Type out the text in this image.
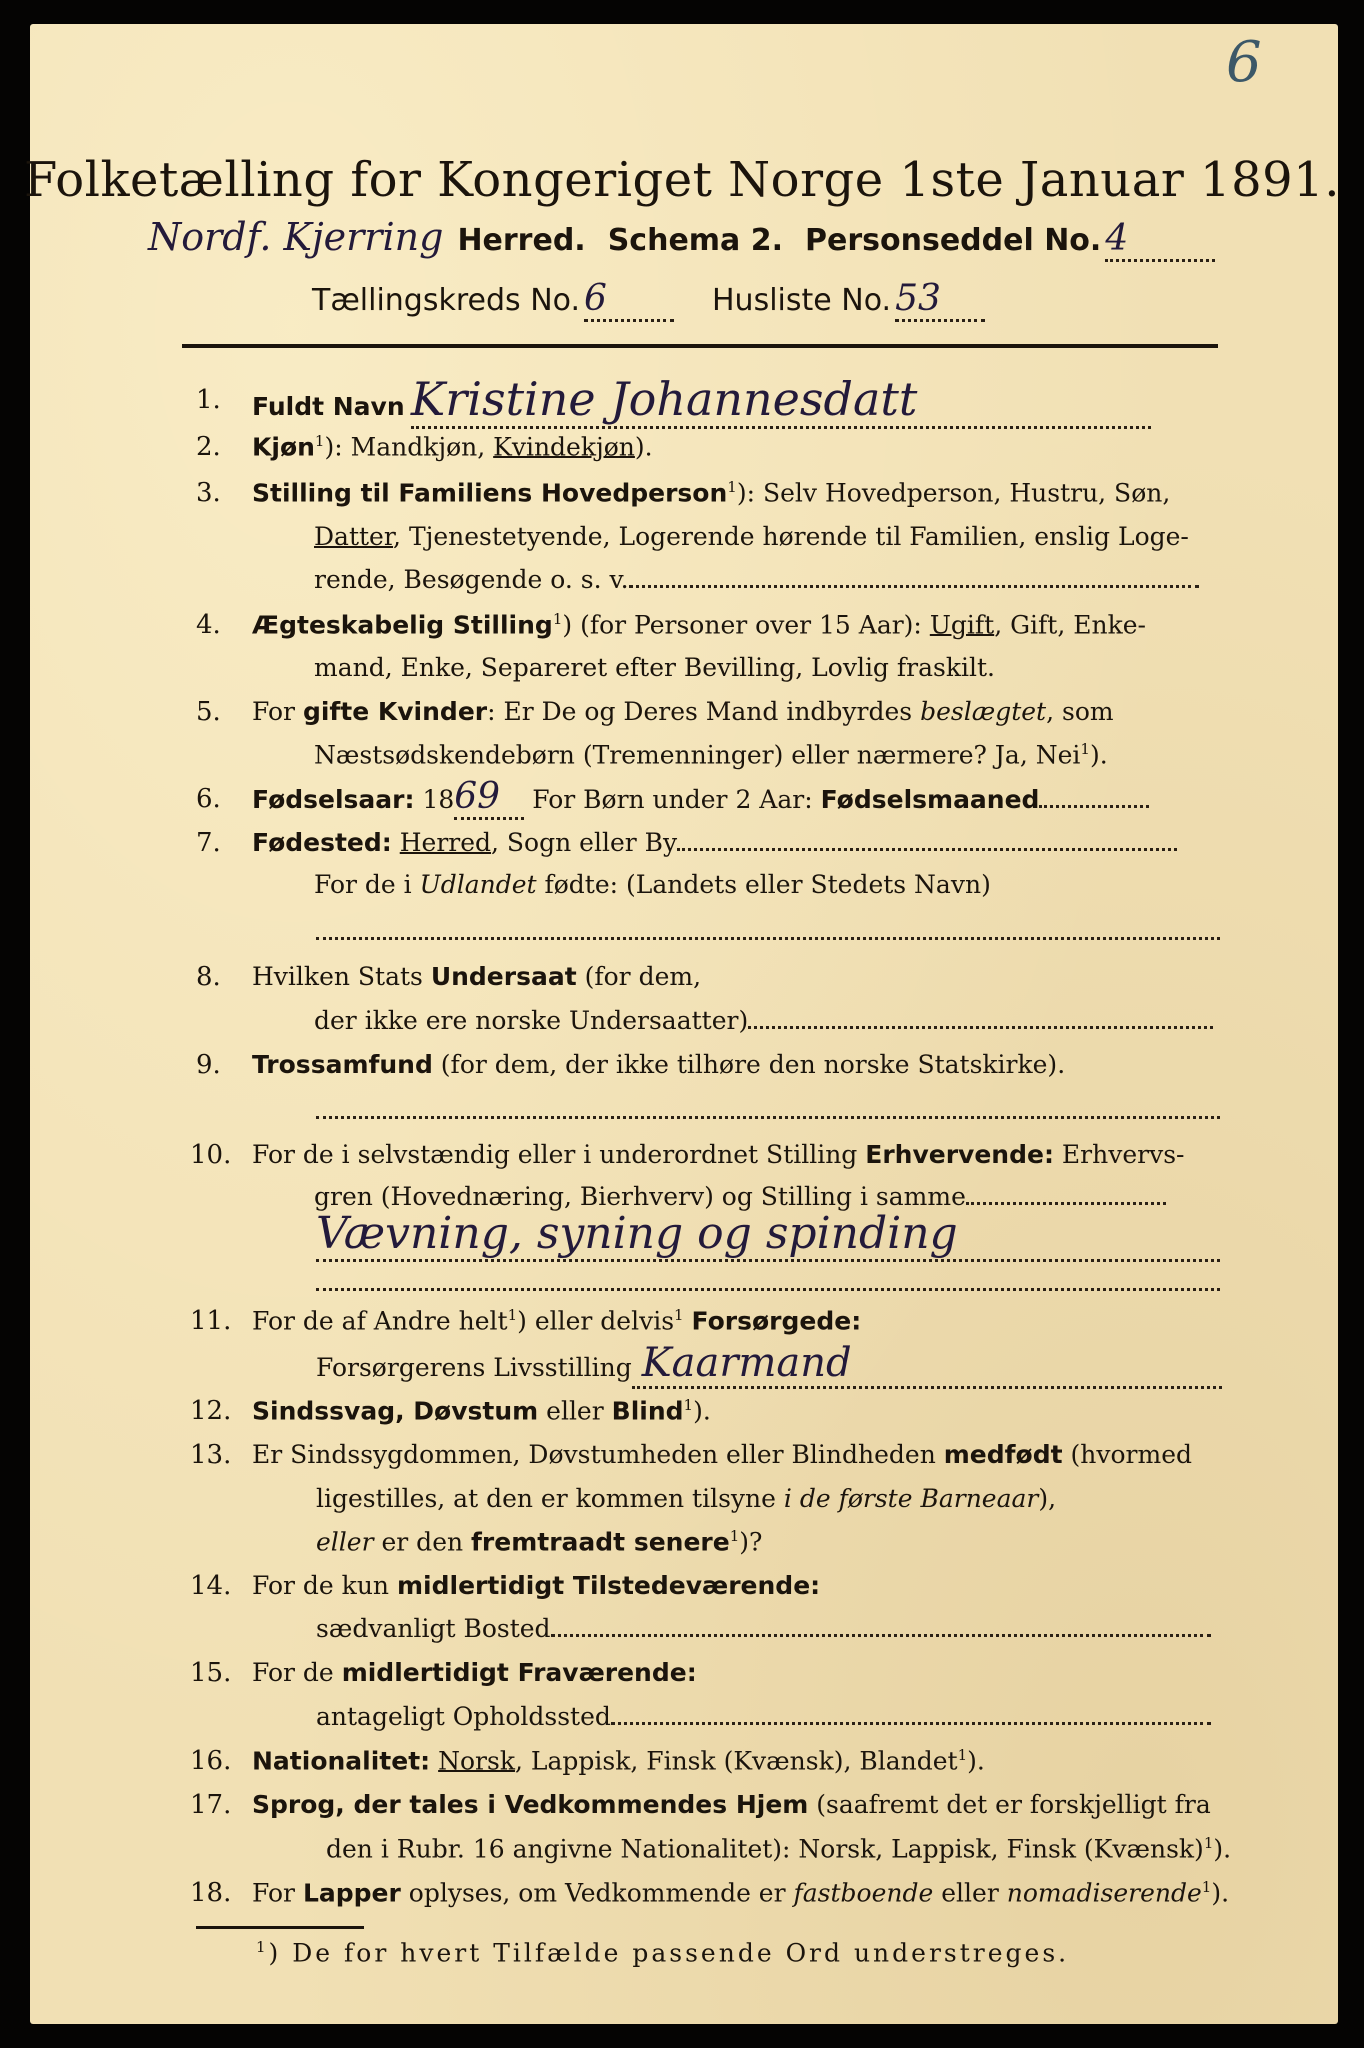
6
Folketælling for Kongeriget Norge 1ste Januar 1891.
Nordf. Kjerring Herred. Schema 2. Personseddel No. 4
Tællingskreds No. 6	Husliste No. 53
1. Fuldt Navn Kristine Johannesdatt
2. Kjøn$^1$): Mandkjøn, Kvindekjøn).
3. Stilling til Familiens Hovedperson$^1$): Selv Hovedperson, Hustru, Søn,
Datter, Tjenestetyende, Logerende hørende til Familien, enslig Loge-
rende, Besøgende o. s. v.
4. Ægteskabelig Stilling$^1$) (for Personer over 15 Aar): Ugift, Gift, Enke-
mand, Enke, Separeret efter Bevilling, Lovlig fraskilt.
5. For gifte Kvinder: Er De og Deres Mand indbyrdes beslægtet, som
Næstsødskendebørn (Tremenninger) eller nærmere? Ja, Nei$^1$).
6. Fødselsaar: 1869 For Børn under 2 Aar: Fødselsmaaned
7. Fødested: Herred, Sogn eller By
For de i Udlandet fødte: (Landets eller Stedets Navn)
8. Hvilken Stats Undersaat (for dem,
der ikke ere norske Undersaatter)
9. Trossamfund (for dem, der ikke tilhøre den norske Statskirke).
10. For de i selvstændig eller i underordnet Stilling Erhvervende: Erhvervs-
gren (Hovednæring, Bierhverv) og Stilling i samme
Vævning, syning og spinding
11. For de af Andre helt$^1$) eller delvis$^1$ Forsørgede:
Forsørgerens Livsstilling Kaarmand
12. Sindssvag, Døvstum eller Blind$^1$).
13. Er Sindssygdommen, Døvstumheden eller Blindheden medfødt (hvormed
ligestilles, at den er kommen tilsyne i de første Barneaar),
eller er den fremtraadt senere$^1$)?
14. For de kun midlertidigt Tilstedeværende:
sædvanligt Bosted
15. For de midlertidigt Fraværende:
antageligt Opholdssted
16. Nationalitet: Norsk, Lappisk, Finsk (Kvænsk), Blandet$^1$).
17. Sprog, der tales i Vedkommendes Hjem (saafremt det er forskjelligt fra
den i Rubr. 16 angivne Nationalitet): Norsk, Lappisk, Finsk (Kvænsk)$^1$).
18. For Lapper oplyses, om Vedkommende er fastboende eller nomadiserende$^1$).
$^1$) De for hvert Tilfælde passende Ord understreges.
